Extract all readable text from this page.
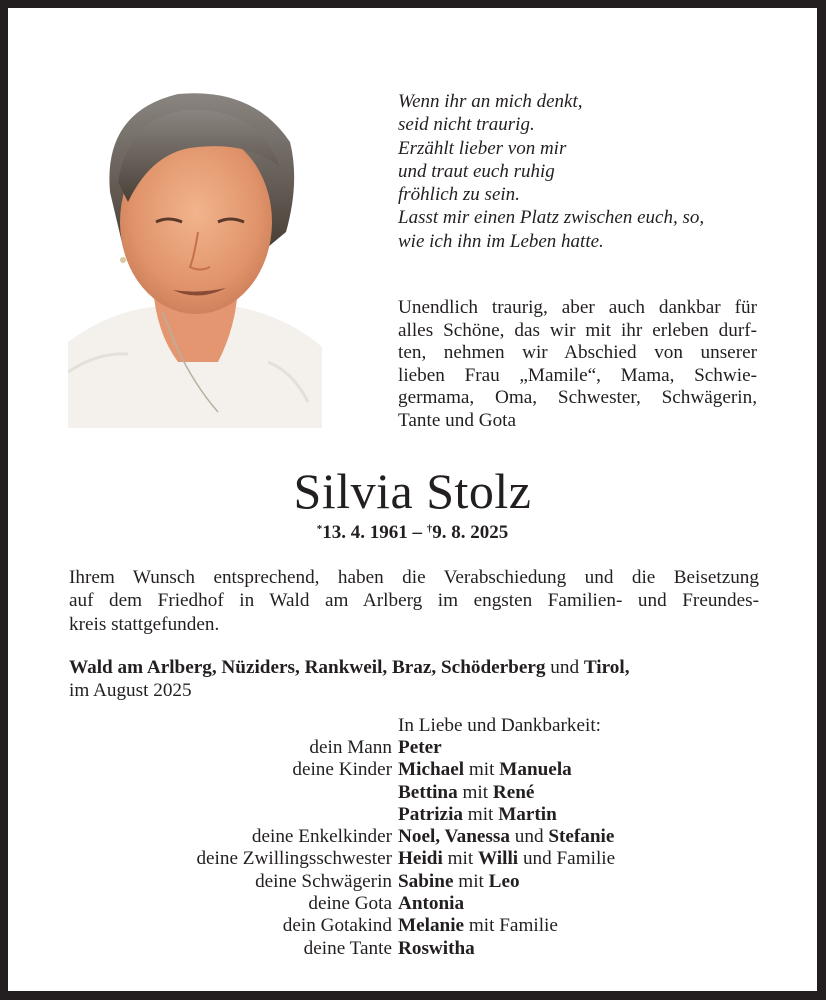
Wenn ihr an mich denkt,
seid nicht traurig.
Erzählt lieber von mir
und traut euch ruhig
fröhlich zu sein.
Lasst mir einen Platz zwischen euch, so,
wie ich ihn im Leben hatte.
Unendlich traurig, aber auch dankbar für
alles Schöne, das wir mit ihr erleben durf-
ten, nehmen wir Abschied von unserer
lieben Frau „Mamile“, Mama, Schwie-
germama, Oma, Schwester, Schwägerin,
Tante und Gota
Silvia Stolz
*13. 4. 1961 – †9. 8. 2025
Ihrem Wunsch entsprechend, haben die Verabschiedung und die Beisetzung
auf dem Friedhof in Wald am Arlberg im engsten Familien- und Freundes-
kreis stattgefunden.
Wald am Arlberg, Nüziders, Rankweil, Braz, Schöderberg und Tirol,
im August 2025
In Liebe und Dankbarkeit:
dein Mann Peter
deine Kinder Michael mit Manuela
Bettina mit René
Patrizia mit Martin
deine Enkelkinder Noel, Vanessa und Stefanie
deine Zwillingsschwester Heidi mit Willi und Familie
deine Schwägerin Sabine mit Leo
deine Gota Antonia
dein Gotakind Melanie mit Familie
deine Tante Roswitha
